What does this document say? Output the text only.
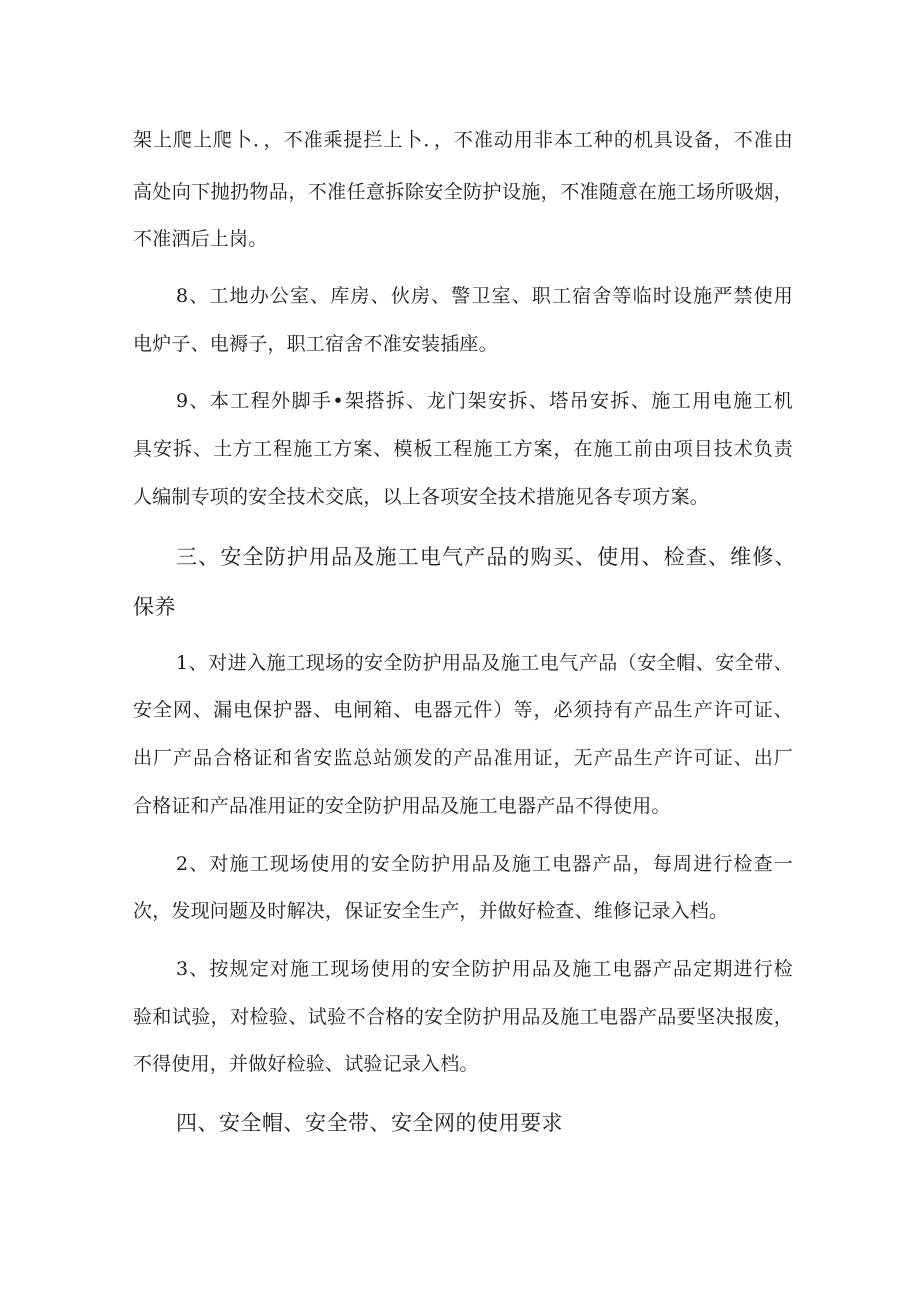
架上爬上爬卜．，不准乘提拦上卜．，不准动用非本工种的机具设备，不准由
高处向下抛扔物品，不准任意拆除安全防护设施，不准随意在施工场所吸烟，
不准洒后上岗。
8、工地办公室、库房、伙房、警卫室、职工宿舍等临时设施严禁使用
电炉子、电褥子，职工宿舍不准安装插座。
9、本工程外脚手•架搭拆、龙门架安拆、塔吊安拆、施工用电施工机
具安拆、土方工程施工方案、模板工程施工方案，在施工前由项目技术负责
人编制专项的安全技术交底，以上各项安全技术措施见各专项方案。
三、安全防护用品及施工电气产品的购买、使用、检查、维修、
保养
1、对进入施工现场的安全防护用品及施工电气产品（安全帽、安全带、
安全网、漏电保护器、电闸箱、电器元件）等，必须持有产品生产许可证、
出厂产品合格证和省安监总站颁发的产品准用证，无产品生产许可证、出厂
合格证和产品准用证的安全防护用品及施工电器产品不得使用。
2、对施工现场使用的安全防护用品及施工电器产品，每周进行检查一
次，发现问题及时解决，保证安全生产，并做好检查、维修记录入档。
3、按规定对施工现场使用的安全防护用品及施工电器产品定期进行检
验和试验，对检验、试验不合格的安全防护用品及施工电器产品要坚决报废，
不得使用，并做好检验、试验记录入档。
四、安全帽、安全带、安全网的使用要求
